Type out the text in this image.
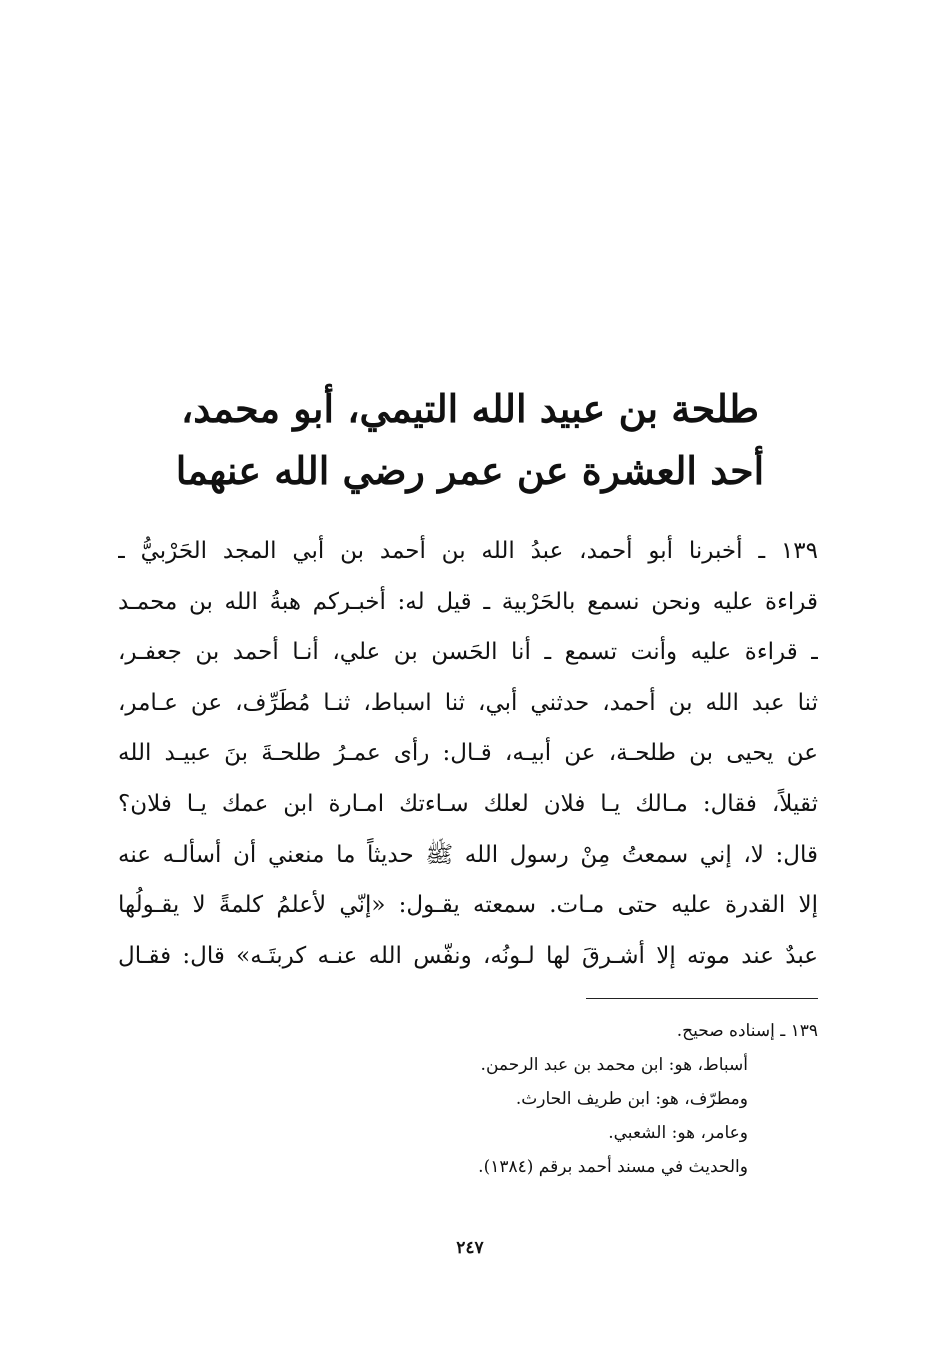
طلحة بن عبيد الله التيمي، أبو محمد،
أحد العشرة عن عمر رضي الله عنهما
١٣٩ ـ أخبرنا أبو أحمد، عبدُ الله بن أحمد بن أبي المجد الحَرْبيُّ ـ
قراءة عليه ونحن نسمع بالحَرْبية ـ قيل له: أخبـركم هبةُ الله بن محمـد
ـ قراءة عليه وأنت تسمع ـ أنا الحَسن بن علي، أنـا أحمد بن جعفـر،
ثنا عبد الله بن أحمد، حدثني أبي، ثنا اسباط، ثنـا مُطَرِّف، عن عـامر،
عن يحيى بن طلحـة، عن أبيـه، قـال: رأى عمـرُ طلحـةَ بنَ عبيـد الله
ثقيلاً، فقال: مـالك يـا فلان لعلك سـاءتك امـارة ابن عمك يـا فلان؟
قال: لا، إني سمعتُ مِنْ رسول الله ﷺ حديثاً ما منعني أن أسألـه عنه
إلا القدرة عليه حتى مـات. سمعته يقـول: «إنّي لأعلمُ كلمةً لا يقـولُها
عبدٌ عند موته إلا أشـرقَ لها لـونُه، ونفّس الله عنـه كربتَـه» قال: فقـال
١٣٩ ـ إسناده صحيح.
أسباط، هو: ابن محمد بن عبد الرحمن.
ومطرّف، هو: ابن طريف الحارث.
وعامر، هو: الشعبي.
والحديث في مسند أحمد برقم (١٣٨٤).
٢٤٧
